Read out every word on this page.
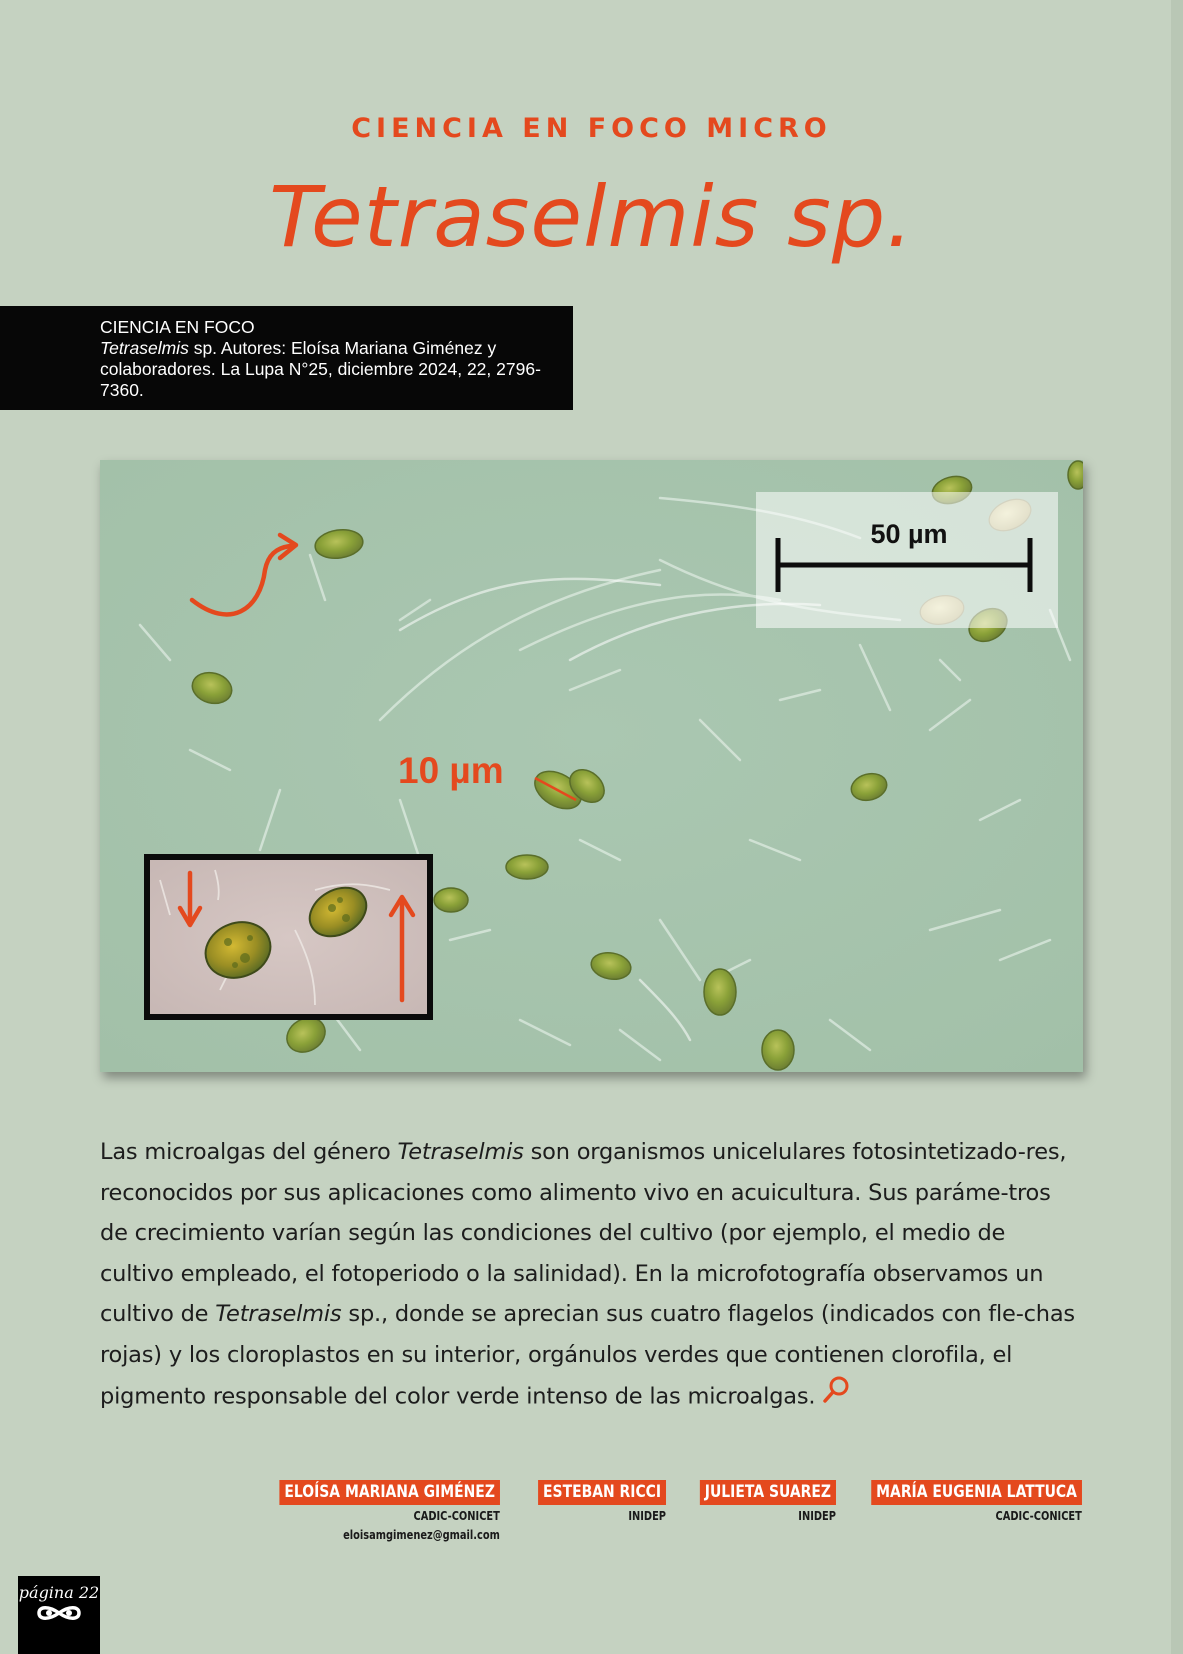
CIENCIA EN FOCO MICRO
Tetraselmis sp.
CIENCIA EN FOCO
Tetraselmis sp. Autores: Eloísa Mariana Giménez y colaboradores. La Lupa N°25, diciembre 2024, 22, 2796-7360.
50 µm
10 µm

Las microalgas del género Tetraselmis son organismos unicelulares fotosintetizado-res, reconocidos por sus aplicaciones como alimento vivo en acuicultura. Sus paráme-tros de crecimiento varían según las condiciones del cultivo (por ejemplo, el medio de cultivo empleado, el fotoperiodo o la salinidad). En la microfotografía observamos un cultivo de Tetraselmis sp., donde se aprecian sus cuatro flagelos (indicados con fle-chas rojas) y los cloroplastos en su interior, orgánulos verdes que contienen clorofila, el pigmento responsable del color verde intenso de las microalgas.

ELOÍSA MARIANA GIMÉNEZ
CADIC-CONICET
eloisamgimenez@gmail.com
ESTEBAN RICCI
INIDEP
JULIETA SUAREZ
INIDEP
MARÍA EUGENIA LATTUCA
CADIC-CONICET
página 22
